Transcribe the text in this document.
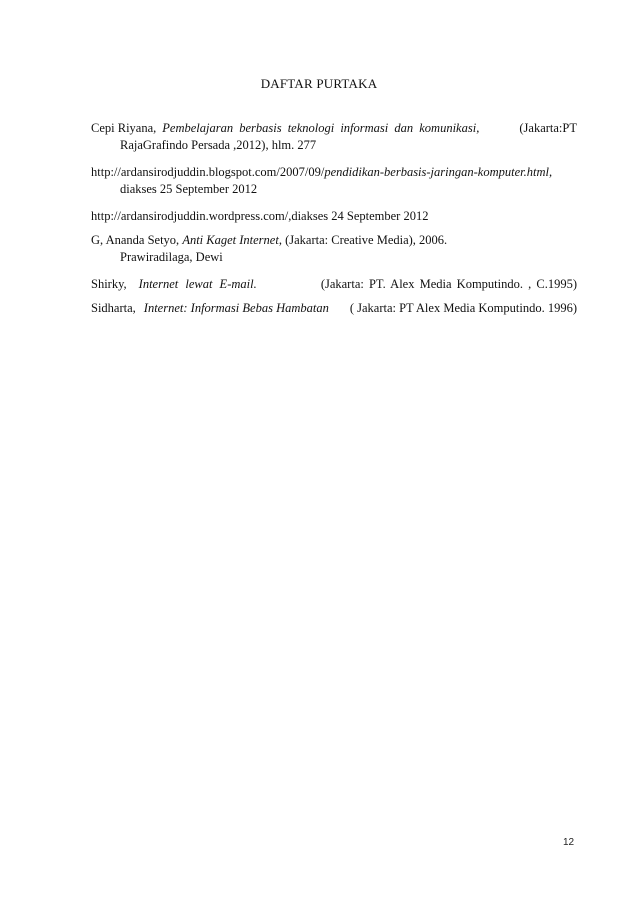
DAFTAR PURTAKA
Cepi Riyana, Pembelajaran berbasis teknologi informasi dan komunikasi,	(Jakarta:PT
RajaGrafindo Persada ,2012), hlm. 277
http://ardansirodjuddin.blogspot.com/2007/09/pendidikan-berbasis-jaringan-komputer.html,
diakses 25 September 2012
http://ardansirodjuddin.wordpress.com/,diakses 24 September 2012
G, Ananda Setyo, Anti Kaget Internet, (Jakarta: Creative Media), 2006.
Prawiradilaga, Dewi
Shirky, Internet lewat E-mail.	(Jakarta: PT. Alex Media Komputindo. , C.1995)
Sidharta, Internet: Informasi Bebas Hambatan	( Jakarta: PT Alex Media Komputindo. 1996)
12
